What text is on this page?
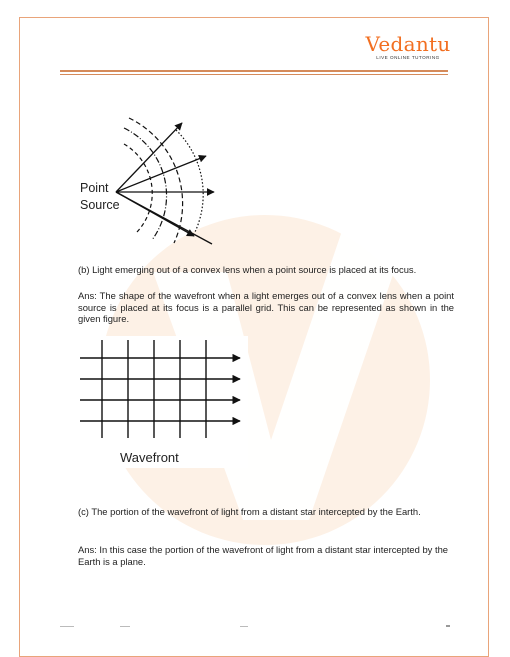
Vedantu
LIVE ONLINE TUTORING
Point
Source
(b) Light emerging out of a convex lens when a point source is placed at its focus.
Ans: The shape of the wavefront when a light emerges out of a convex lens when a point source is placed at its focus is a parallel grid. This can be represented as shown in the given figure.
Wavefront
(c) The portion of the wavefront of light from a distant star intercepted by the Earth.
Ans: In this case the portion of the wavefront of light from a distant star intercepted by the Earth is a plane.
